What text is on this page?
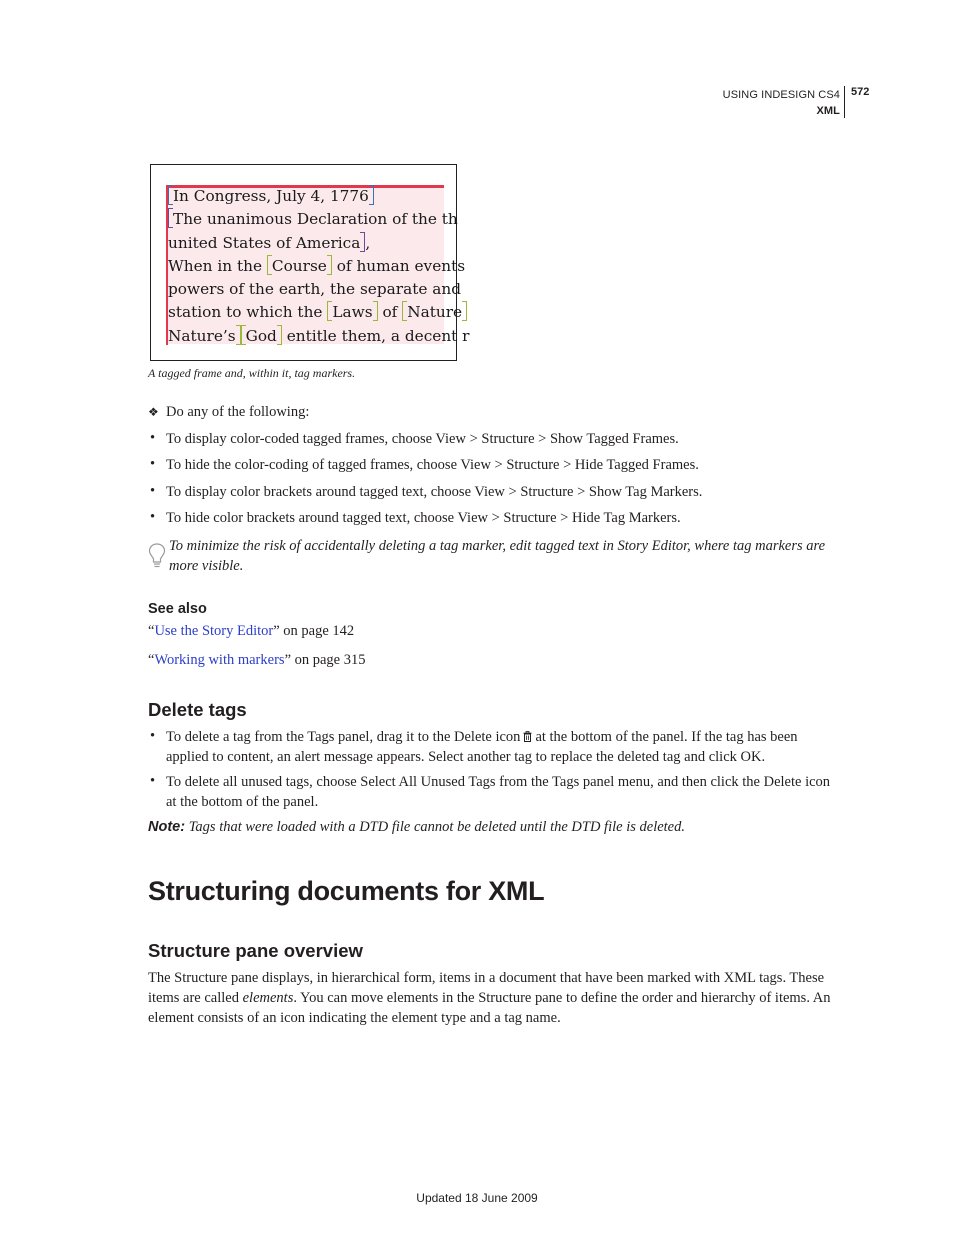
USING INDESIGN CS4
XML
572
In Congress, July 4, 1776
The unanimous Declaration of the th
united States of America ,
When in the Course of human events
powers of the earth, the separate and
station to which the Laws of Nature
Nature’s God entitle them, a decent r
A tagged frame and, within it, tag markers.
❖ Do any of the following:
• To display color-coded tagged frames, choose View > Structure > Show Tagged Frames.
• To hide the color-coding of tagged frames, choose View > Structure > Hide Tagged Frames.
• To display color brackets around tagged text, choose View > Structure > Show Tag Markers.
• To hide color brackets around tagged text, choose View > Structure > Hide Tag Markers.
To minimize the risk of accidentally deleting a tag marker, edit tagged text in Story Editor, where tag markers are more visible.
See also
“Use the Story Editor” on page 142
“Working with markers” on page 315
Delete tags
• To delete a tag from the Tags panel, drag it to the Delete icon at the bottom of the panel. If the tag has been applied to content, an alert message appears. Select another tag to replace the deleted tag and click OK.
• To delete all unused tags, choose Select All Unused Tags from the Tags panel menu, and then click the Delete icon at the bottom of the panel.
Note: Tags that were loaded with a DTD file cannot be deleted until the DTD file is deleted.
Structuring documents for XML
Structure pane overview
The Structure pane displays, in hierarchical form, items in a document that have been marked with XML tags. These items are called elements. You can move elements in the Structure pane to define the order and hierarchy of items. An element consists of an icon indicating the element type and a tag name.
Updated 18 June 2009
